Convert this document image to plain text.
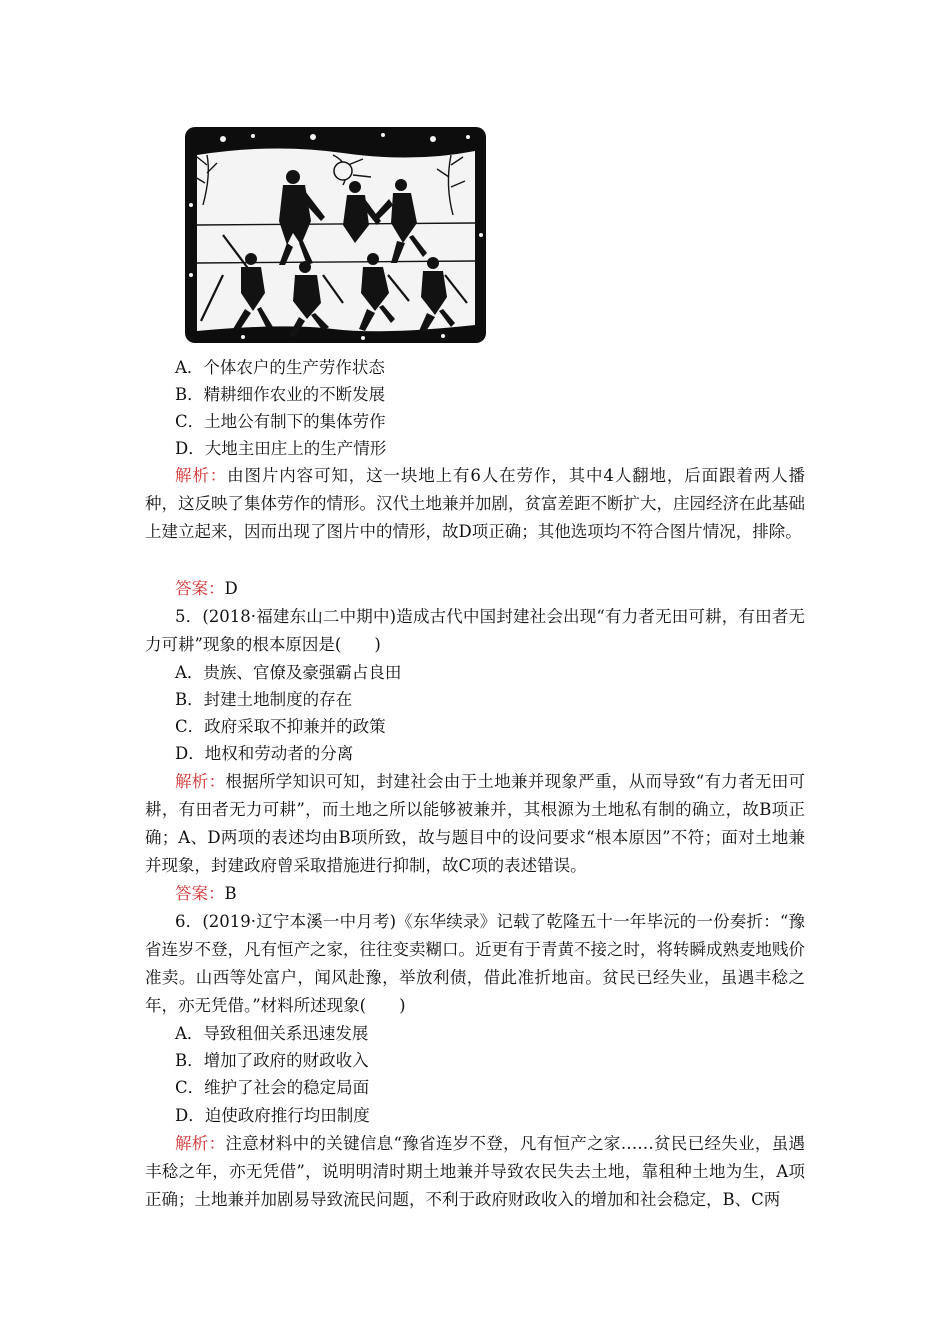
A．个体农户的生产劳作状态
B．精耕细作农业的不断发展
C．土地公有制下的集体劳作
D．大地主田庄上的生产情形
解析：由图片内容可知，这一块地上有6人在劳作，其中4人翻地，后面跟着两人播种，这反映了集体劳作的情形。汉代土地兼并加剧，贫富差距不断扩大，庄园经济在此基础上建立起来，因而出现了图片中的情形，故D项正确；其他选项均不符合图片情况，排除。
答案：D
5．(2018·福建东山二中期中)造成古代中国封建社会出现“有力者无田可耕，有田者无力可耕”现象的根本原因是(　　)
A．贵族、官僚及豪强霸占良田
B．封建土地制度的存在
C．政府采取不抑兼并的政策
D．地权和劳动者的分离
解析：根据所学知识可知，封建社会由于土地兼并现象严重，从而导致“有力者无田可耕，有田者无力可耕”，而土地之所以能够被兼并，其根源为土地私有制的确立，故B项正确；A、D两项的表述均由B项所致，故与题目中的设问要求“根本原因”不符；面对土地兼并现象，封建政府曾采取措施进行抑制，故C项的表述错误。
答案：B
6．(2019·辽宁本溪一中月考)《东华续录》记载了乾隆五十一年毕沅的一份奏折：“豫省连岁不登，凡有恒产之家，往往变卖糊口。近更有于青黄不接之时，将转瞬成熟麦地贱价准卖。山西等处富户，闻风赴豫，举放利债，借此准折地亩。贫民已经失业，虽遇丰稔之年，亦无凭借。”材料所述现象(　　)
A．导致租佃关系迅速发展
B．增加了政府的财政收入
C．维护了社会的稳定局面
D．迫使政府推行均田制度
解析：注意材料中的关键信息“豫省连岁不登，凡有恒产之家……贫民已经失业，虽遇丰稔之年，亦无凭借”，说明明清时期土地兼并导致农民失去土地，靠租种土地为生，A项正确；土地兼并加剧易导致流民问题，不利于政府财政收入的增加和社会稳定，B、C两
